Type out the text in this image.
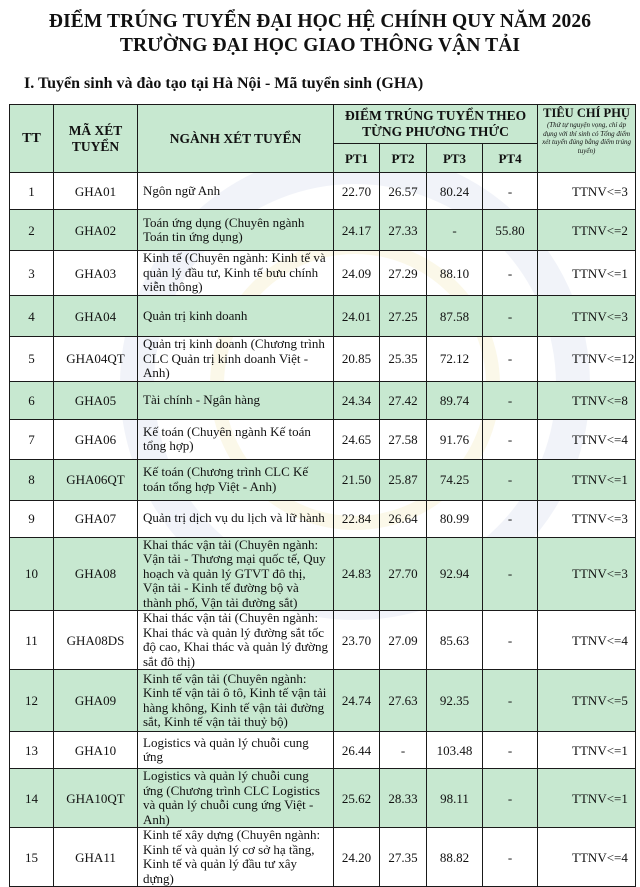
ĐIỂM TRÚNG TUYỂN ĐẠI HỌC HỆ CHÍNH QUY NĂM 2026
TRƯỜNG ĐẠI HỌC GIAO THÔNG VẬN TẢI
I. Tuyển sinh và đào tạo tại Hà Nội - Mã tuyển sinh (GHA)
TT	MÃ XÉT TUYỂN	NGÀNH XÉT TUYỂN	ĐIỂM TRÚNG TUYỂN THEO TỪNG PHƯƠNG THỨC				TIÊU CHÍ PHỤ
(Thứ tự nguyện vọng, chỉ áp dụng với thí sinh có Tổng điểm xét tuyển đúng bằng điểm trúng tuyển)

			PT1	PT2	PT3	PT4	
1	GHA01	Ngôn ngữ Anh	22.70	26.57	80.24	-	TTNV<=3
2	GHA02	Toán ứng dụng (Chuyên ngành Toán tin ứng dụng)	24.17	27.33	-	55.80	TTNV<=2
3	GHA03	Kinh tế (Chuyên ngành: Kinh tế và quản lý đầu tư, Kinh tế bưu chính viễn thông)	24.09	27.29	88.10	-	TTNV<=1
4	GHA04	Quản trị kinh doanh	24.01	27.25	87.58	-	TTNV<=3
5	GHA04QT	Quản trị kinh doanh (Chương trình CLC Quản trị kinh doanh Việt - Anh)	20.85	25.35	72.12	-	TTNV<=12
6	GHA05	Tài chính - Ngân hàng	24.34	27.42	89.74	-	TTNV<=8
7	GHA06	Kế toán (Chuyên ngành Kế toán tổng hợp)	24.65	27.58	91.76	-	TTNV<=4
8	GHA06QT	Kế toán (Chương trình CLC Kế toán tổng hợp Việt - Anh)	21.50	25.87	74.25	-	TTNV<=1
9	GHA07	Quản trị dịch vụ du lịch và lữ hành	22.84	26.64	80.99	-	TTNV<=3
10	GHA08	Khai thác vận tải (Chuyên ngành: Vận tải - Thương mại quốc tế, Quy hoạch và quản lý GTVT đô thị, Vận tải - Kinh tế đường bộ và thành phố, Vận tải đường sắt)	24.83	27.70	92.94	-	TTNV<=3
11	GHA08DS	Khai thác vận tải (Chuyên ngành: Khai thác và quản lý đường sắt tốc độ cao, Khai thác và quản lý đường sắt đô thị)	23.70	27.09	85.63	-	TTNV<=4
12	GHA09	Kinh tế vận tải (Chuyên ngành: Kinh tế vận tải ô tô, Kinh tế vận tải hàng không, Kinh tế vận tải đường sắt, Kinh tế vận tải thuỷ bộ)	24.74	27.63	92.35	-	TTNV<=5
13	GHA10	Logistics và quản lý chuỗi cung ứng	26.44	-	103.48	-	TTNV<=1
14	GHA10QT	Logistics và quản lý chuỗi cung ứng (Chương trình CLC Logistics và quản lý chuỗi cung ứng Việt - Anh)	25.62	28.33	98.11	-	TTNV<=1
15	GHA11	Kinh tế xây dựng (Chuyên ngành: Kinh tế và quản lý cơ sở hạ tầng, Kinh tế và quản lý đầu tư xây dựng)	24.20	27.35	88.82	-	TTNV<=4
